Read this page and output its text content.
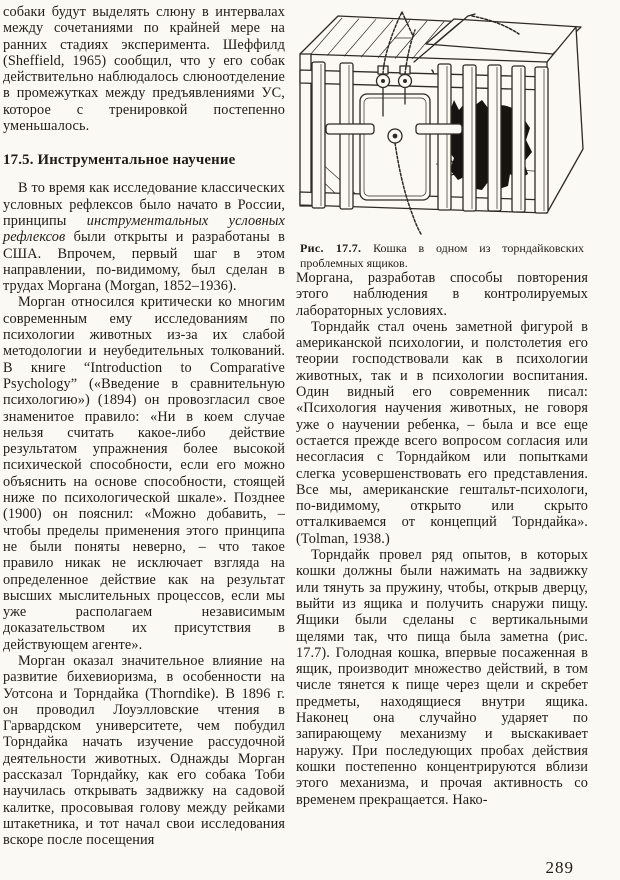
собаки будут выделять слюну в интервалах между сочетаниями по крайней мере на ранних стадиях эксперимента. Шеффилд (Sheffield, 1965) сообщил, что у его собак действительно наблюдалось слюноотделение в промежутках между предъявлениями УС, которое с тренировкой постепенно уменьшалось.

17.5. Инструментальное научение

В то время как исследование классических условных рефлексов было начато в России, принципы инструментальных условных рефлексов были открыты и разработаны в США. Впрочем, первый шаг в этом направлении, по-видимому, был сделан в трудах Моргана (Morgan, 1852–1936).

Морган относился критически ко многим современным ему исследованиям по психологии животных из-за их слабой методологии и неубедительных толкований. В книге “Introduction to Comparative Psychology” («Введение в сравнительную психологию») (1894) он провозгласил свое знаменитое правило: «Ни в коем случае нельзя считать какое-либо действие результатом упражнения более высокой психической способности, если его можно объяснить на основе способности, стоящей ниже по психологической шкале». Позднее (1900) он пояснил: «Можно добавить, – чтобы пределы применения этого принципа не были поняты неверно, – что такое правило никак не исключает взгляда на определенное действие как на результат высших мыслительных процессов, если мы уже располагаем независимым доказательством их присутствия в действующем агенте».

Морган оказал значительное влияние на развитие бихевиоризма, в особенности на Уотсона и Торндайка (Thorndike). В 1896 г. он проводил Лоуэлловские чтения в Гарвардском университете, чем побудил Торндайка начать изучение рассудочной деятельности животных. Однажды Морган рассказал Торндайку, как его собака Тоби научилась открывать задвижку на садовой калитке, просовывая голову между рейками штакетника, и тот начал свои исследования вскоре после посещения

Рис. 17.7. Кошка в одном из торндайковских проблемных ящиков.

Моргана, разработав способы повторения этого наблюдения в контролируемых лабораторных условиях.

Торндайк стал очень заметной фигурой в американской психологии, и полстолетия его теории господствовали как в психологии животных, так и в психологии воспитания. Один видный его современник писал: «Психология научения животных, не говоря уже о научении ребенка, – была и все еще остается прежде всего вопросом согласия или несогласия с Торндайком или попытками слегка усовершенствовать его представления. Все мы, американские гештальт-психологи, по-видимому, открыто или скрыто отталкиваемся от концепций Торндайка». (Tolman, 1938.)

Торндайк провел ряд опытов, в которых кошки должны были нажимать на задвижку или тянуть за пружину, чтобы, открыв дверцу, выйти из ящика и получить снаружи пищу. Ящики были сделаны с вертикальными щелями так, что пища была заметна (рис. 17.7). Голодная кошка, впервые посаженная в ящик, производит множество действий, в том числе тянется к пище через щели и скребет предметы, находящиеся внутри ящика. Наконец она случайно ударяет по запирающему механизму и выскакивает наружу. При последующих пробах действия кошки постепенно концентрируются вблизи этого механизма, и прочая активность со временем прекращается. Нако-

289
